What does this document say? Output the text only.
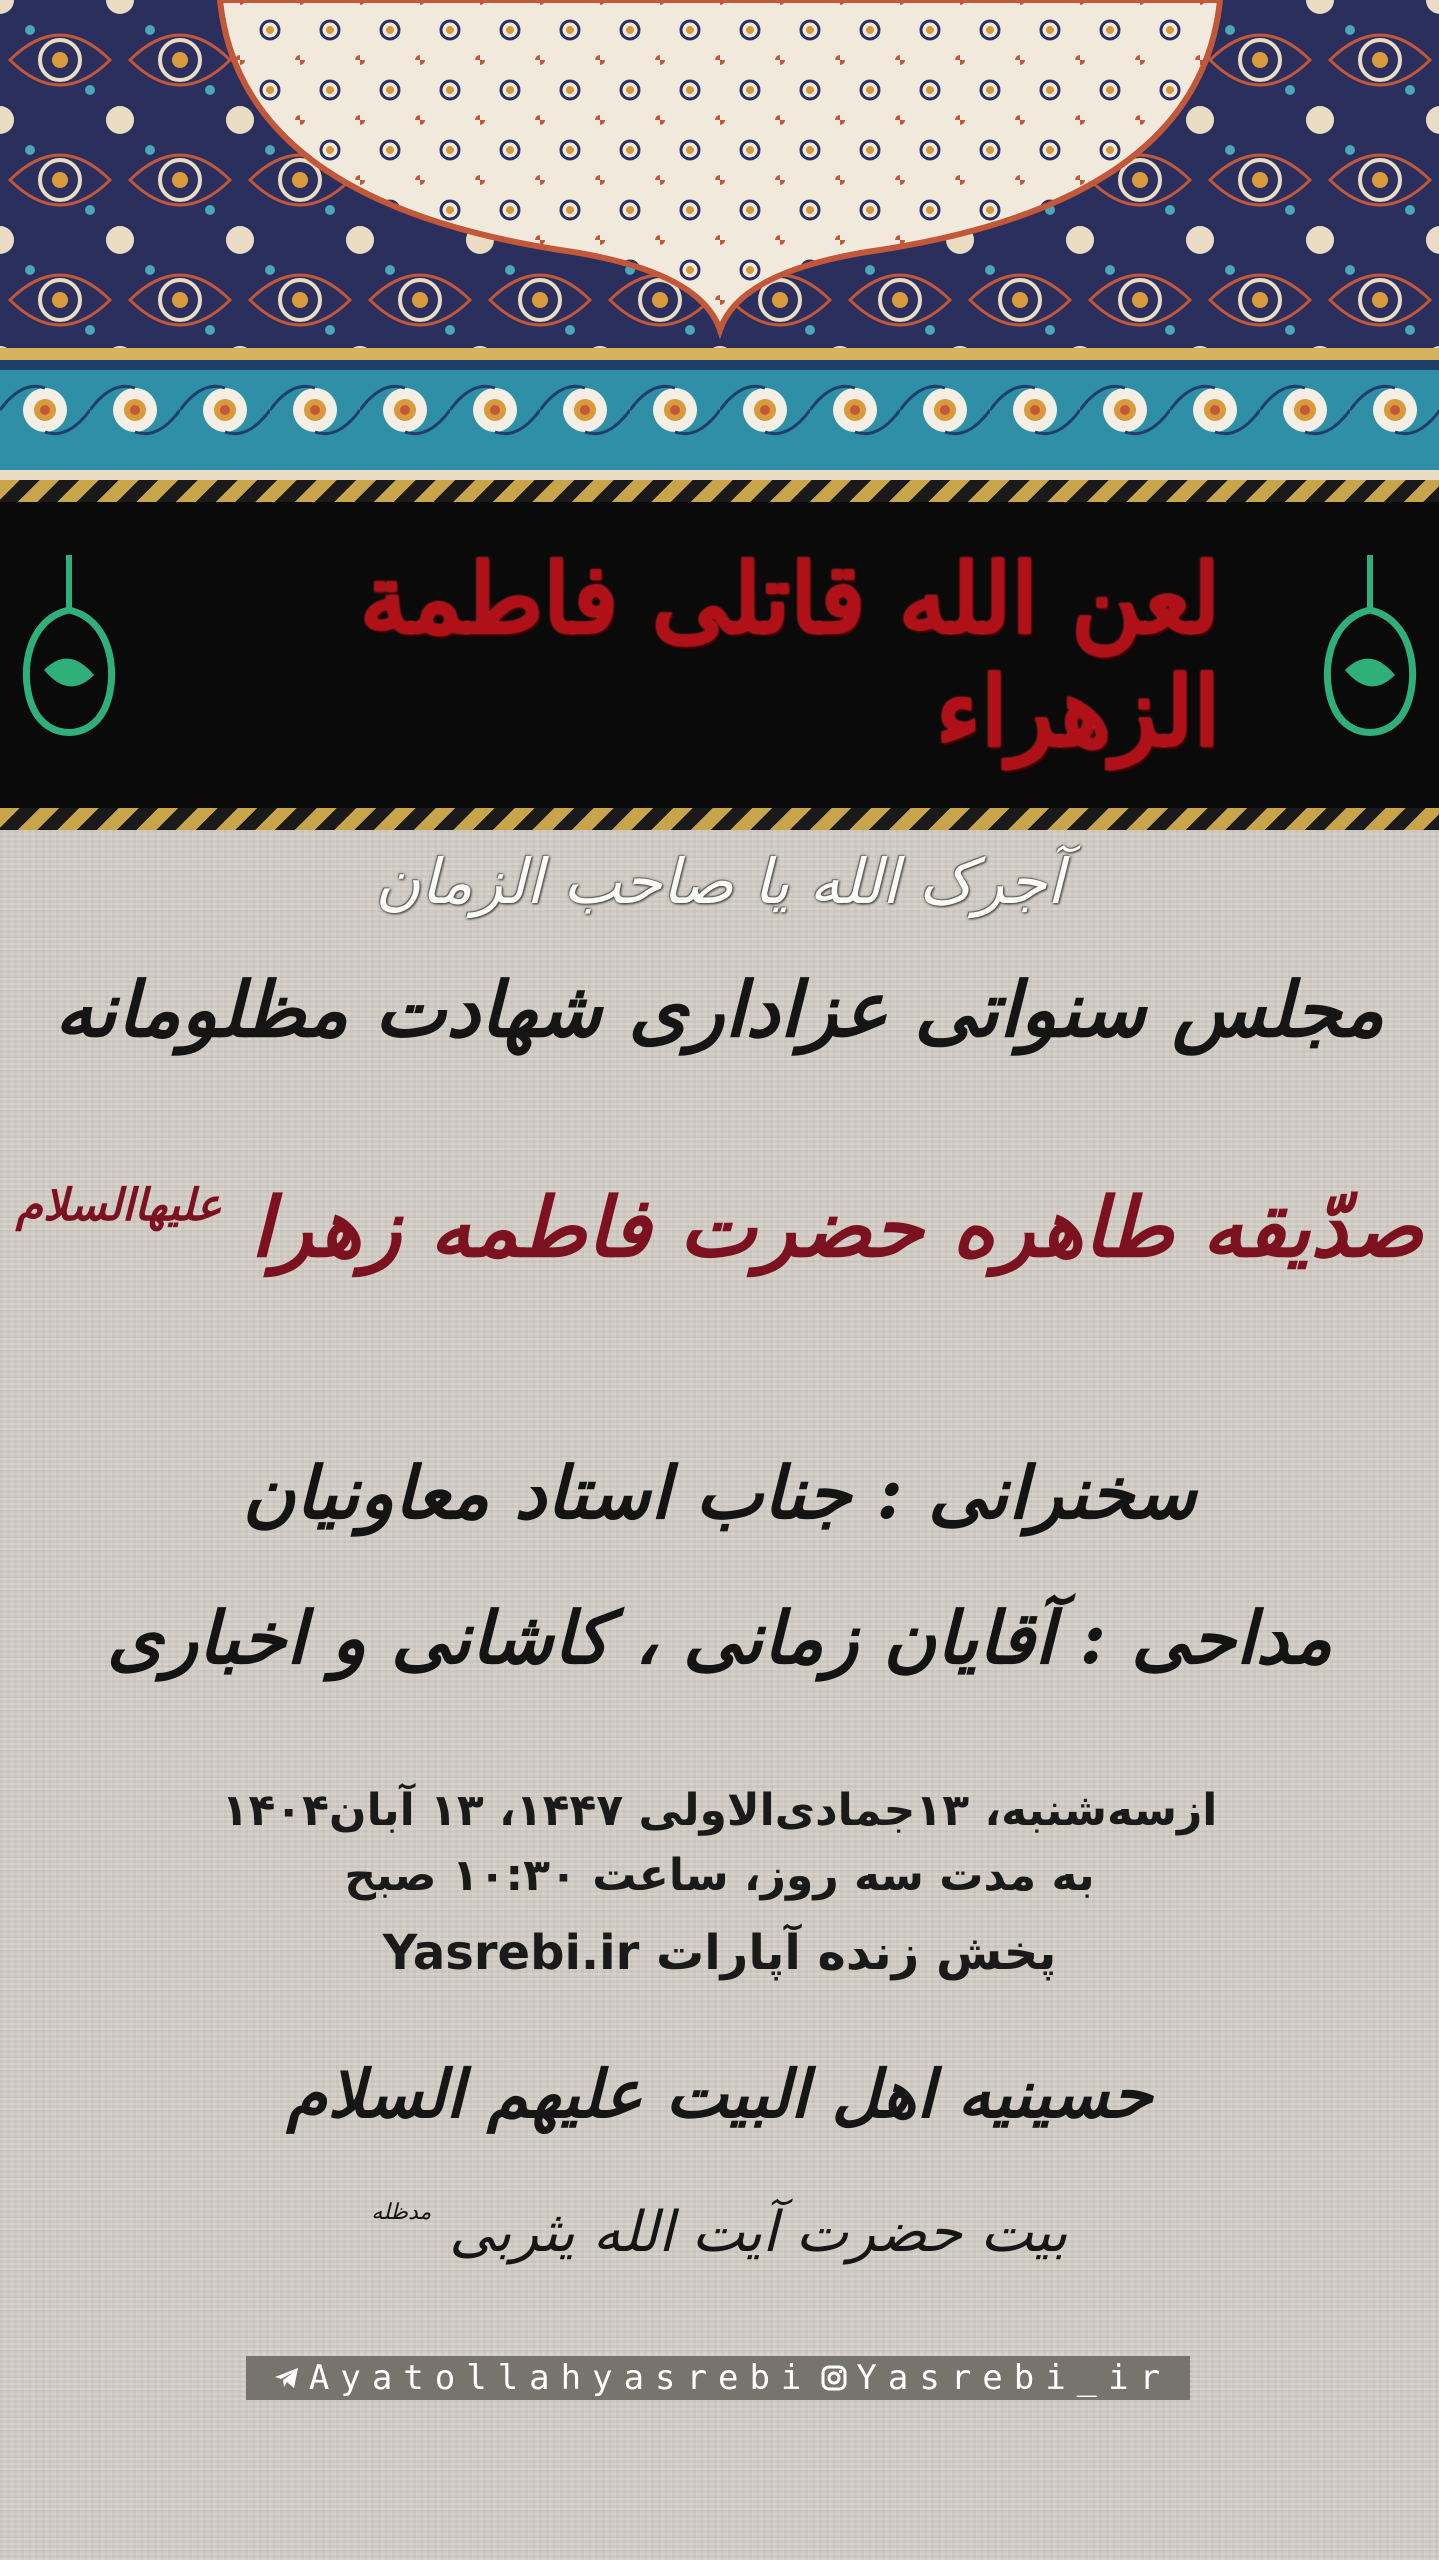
لعن الله قاتلی فاطمة الزهراء
آجرک الله یا صاحب الزمان
مجلس سنواتی عزاداری شهادت مظلومانه
صدّیقه طاهره حضرت فاطمه زهرا $^{علیهاالسلام}$
سخنرانی : جناب استاد معاونیان
مداحی : آقایان زمانی ، کاشانی و اخباری
ازسه‌شنبه، ۱۳جمادی‌الاولی ۱۴۴۷، ۱۳ آبان۱۴۰۴
به مدت سه روز، ساعت ۱۰:۳۰ صبح
پخش زنده آپارات Yasrebi.ir
حسینیه اهل البیت علیهم السلام
بیت حضرت آیت الله یثربی $^{مدظله}$
Ayatollahyasrebi Yasrebi_ir
